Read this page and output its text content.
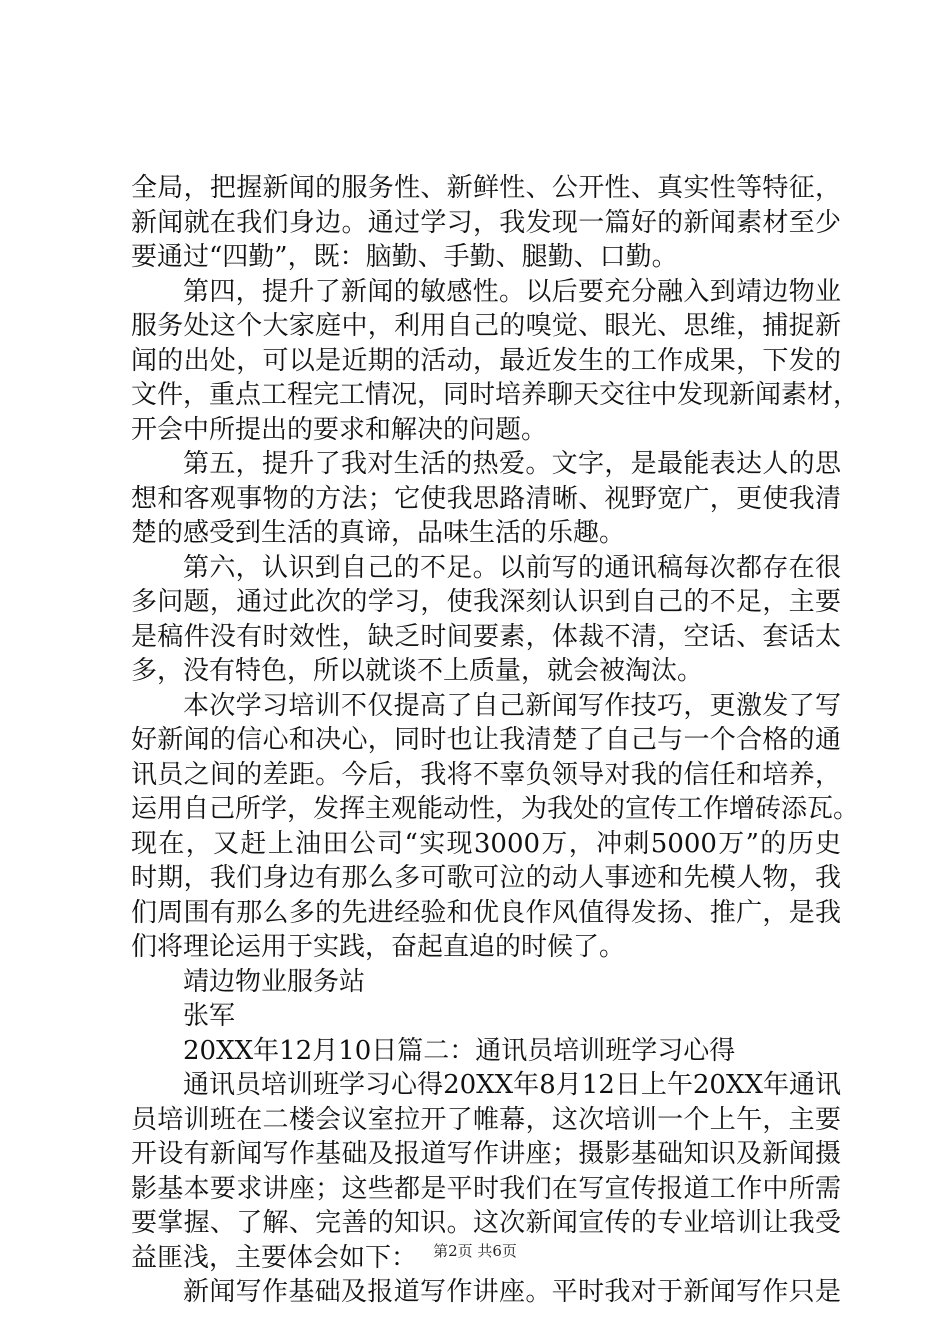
全局，把握新闻的服务性、新鲜性、公开性、真实性等特征，
新闻就在我们身边。通过学习，我发现一篇好的新闻素材至少
要通过“四勤”，既：脑勤、手勤、腿勤、口勤。
第四，提升了新闻的敏感性。以后要充分融入到靖边物业
服务处这个大家庭中，利用自己的嗅觉、眼光、思维，捕捉新
闻的出处，可以是近期的活动，最近发生的工作成果，下发的
文件，重点工程完工情况，同时培养聊天交往中发现新闻素材，
开会中所提出的要求和解决的问题。
第五，提升了我对生活的热爱。文字，是最能表达人的思
想和客观事物的方法；它使我思路清晰、视野宽广，更使我清
楚的感受到生活的真谛，品味生活的乐趣。
第六，认识到自己的不足。以前写的通讯稿每次都存在很
多问题，通过此次的学习，使我深刻认识到自己的不足，主要
是稿件没有时效性，缺乏时间要素，体裁不清，空话、套话太
多，没有特色，所以就谈不上质量，就会被淘汰。
本次学习培训不仅提高了自己新闻写作技巧，更激发了写
好新闻的信心和决心，同时也让我清楚了自己与一个合格的通
讯员之间的差距。今后，我将不辜负领导对我的信任和培养，
运用自己所学，发挥主观能动性，为我处的宣传工作增砖添瓦。
现在，又赶上油田公司“实现3000万，冲刺5000万”的历史
时期，我们身边有那么多可歌可泣的动人事迹和先模人物，我
们周围有那么多的先进经验和优良作风值得发扬、推广，是我
们将理论运用于实践，奋起直追的时候了。
靖边物业服务站
张军
20XX年12月10日篇二：通讯员培训班学习心得
通讯员培训班学习心得20XX年8月12日上午20XX年通讯
员培训班在二楼会议室拉开了帷幕，这次培训一个上午，主要
开设有新闻写作基础及报道写作讲座；摄影基础知识及新闻摄
影基本要求讲座；这些都是平时我们在写宣传报道工作中所需
要掌握、了解、完善的知识。这次新闻宣传的专业培训让我受
益匪浅，主要体会如下：
新闻写作基础及报道写作讲座。平时我对于新闻写作只是
第2页 共6页
